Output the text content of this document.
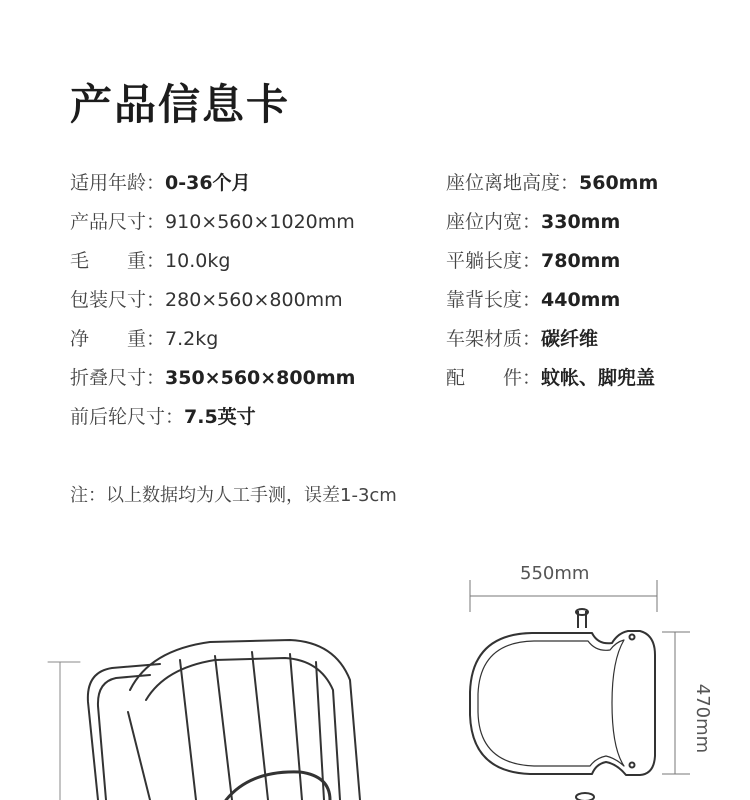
产品信息卡
适用年龄：0-36个月
产品尺寸：910×560×1020mm
毛　　重：10.0kg
包装尺寸：280×560×800mm
净　　重：7.2kg
折叠尺寸：350×560×800mm
前后轮尺寸：7.5英寸
座位离地高度：560mm
座位内宽：330mm
平躺长度：780mm
靠背长度：440mm
车架材质：碳纤维
配　　件：蚊帐、脚兜盖
注：以上数据均为人工手测，误差1-3cm
550mm
470mm
